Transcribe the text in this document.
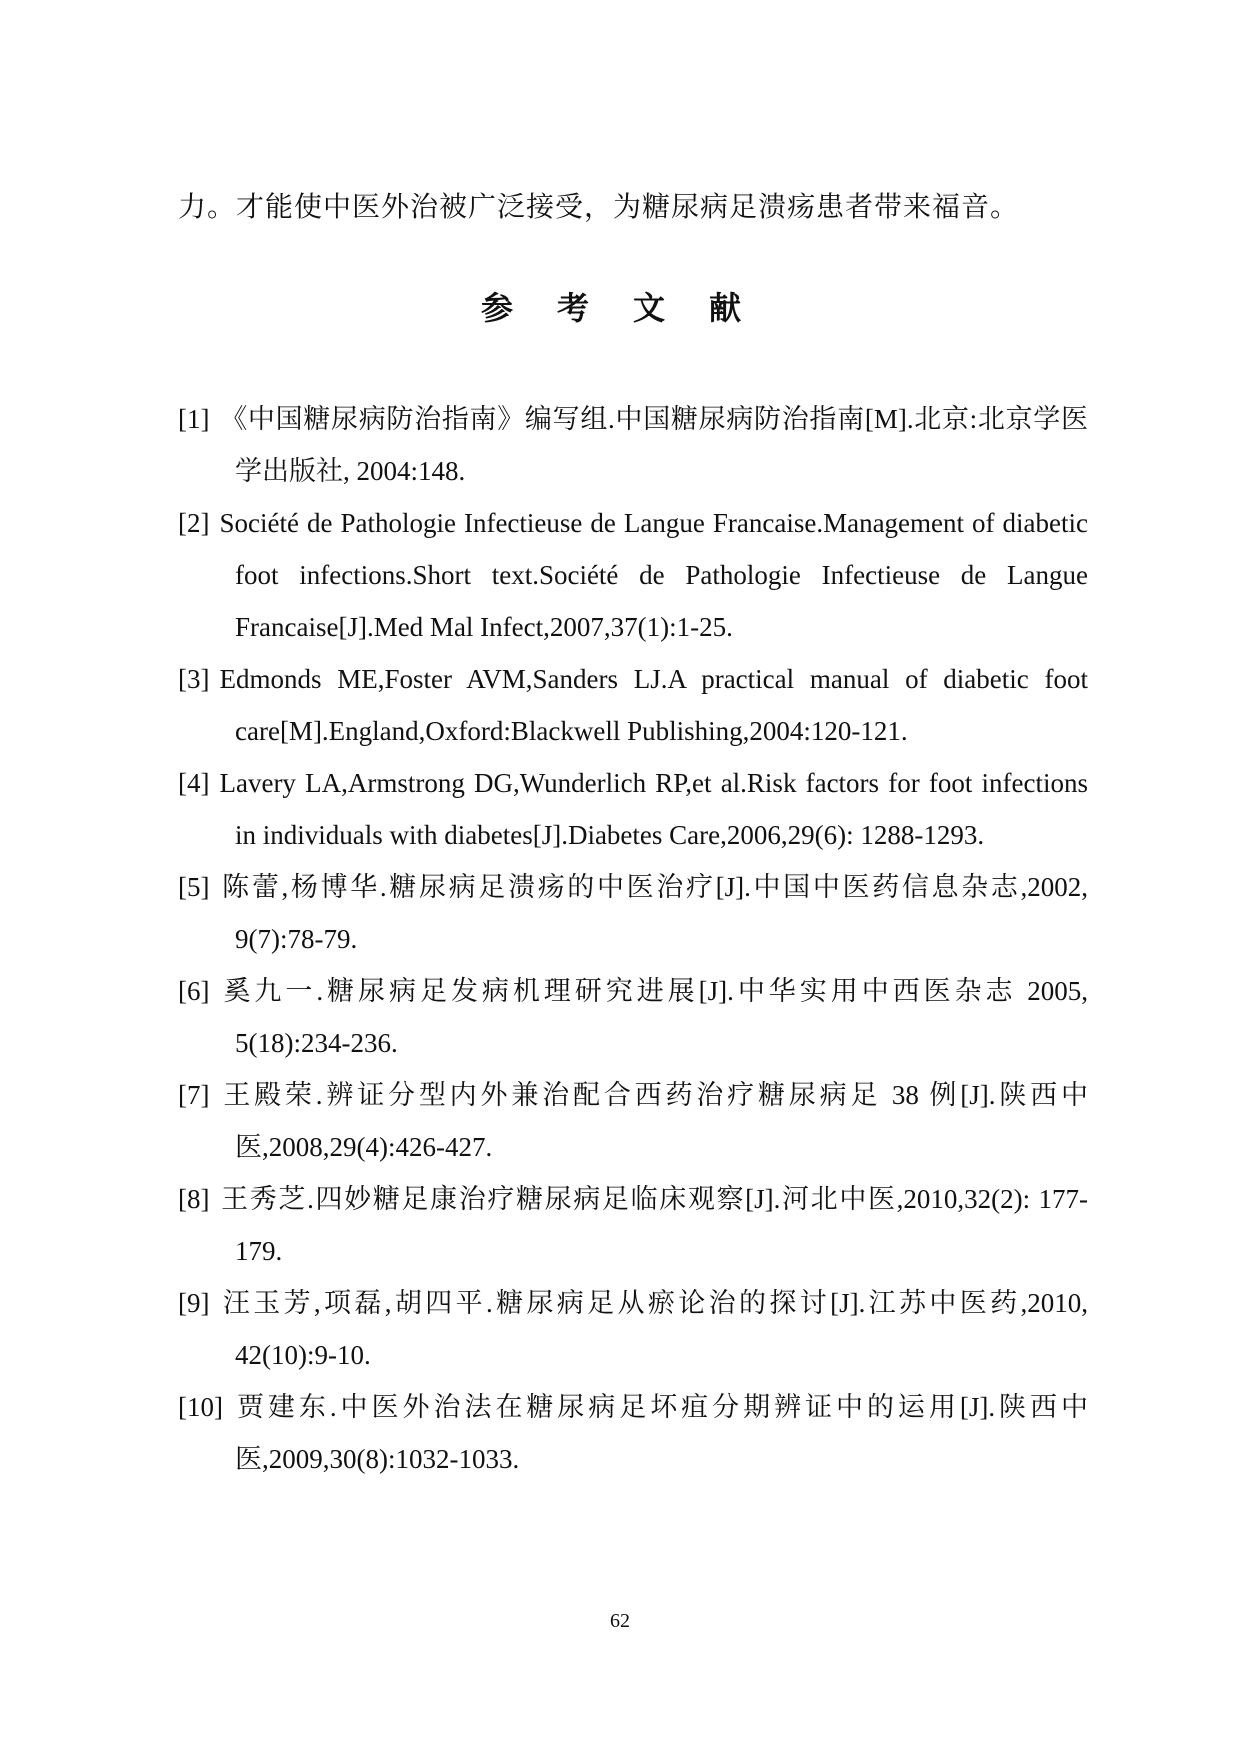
力。才能使中医外治被广泛接受，为糖尿病足溃疡患者带来福音。
参 考 文 献
[1] 《中国糖尿病防治指南》编写组.中国糖尿病防治指南[M].北京:北京学医学出版社, 2004:148.
[2] Société de Pathologie Infectieuse de Langue Francaise.Management of diabetic foot infections.Short text.Société de Pathologie Infectieuse de Langue Francaise[J].Med Mal Infect,2007,37(1):1-25.
[3] Edmonds ME,Foster AVM,Sanders LJ.A practical manual of diabetic foot care[M].England,Oxford:Blackwell Publishing,2004:120-121.
[4] Lavery LA,Armstrong DG,Wunderlich RP,et al.Risk factors for foot infections in individuals with diabetes[J].Diabetes Care,2006,29(6): 1288-1293.
[5] 陈蕾,杨博华.糖尿病足溃疡的中医治疗[J].中国中医药信息杂志,2002, 9(7):78-79.
[6] 奚九一.糖尿病足发病机理研究进展[J].中华实用中西医杂志 2005, 5(18):234-236.
[7] 王殿荣.辨证分型内外兼治配合西药治疗糖尿病足 38 例[J].陕西中医,2008,29(4):426-427.
[8] 王秀芝.四妙糖足康治疗糖尿病足临床观察[J].河北中医,2010,32(2): 177-179.
[9] 汪玉芳,项磊,胡四平.糖尿病足从瘀论治的探讨[J].江苏中医药,2010, 42(10):9-10.
[10] 贾建东.中医外治法在糖尿病足坏疽分期辨证中的运用[J].陕西中医,2009,30(8):1032-1033.
62
